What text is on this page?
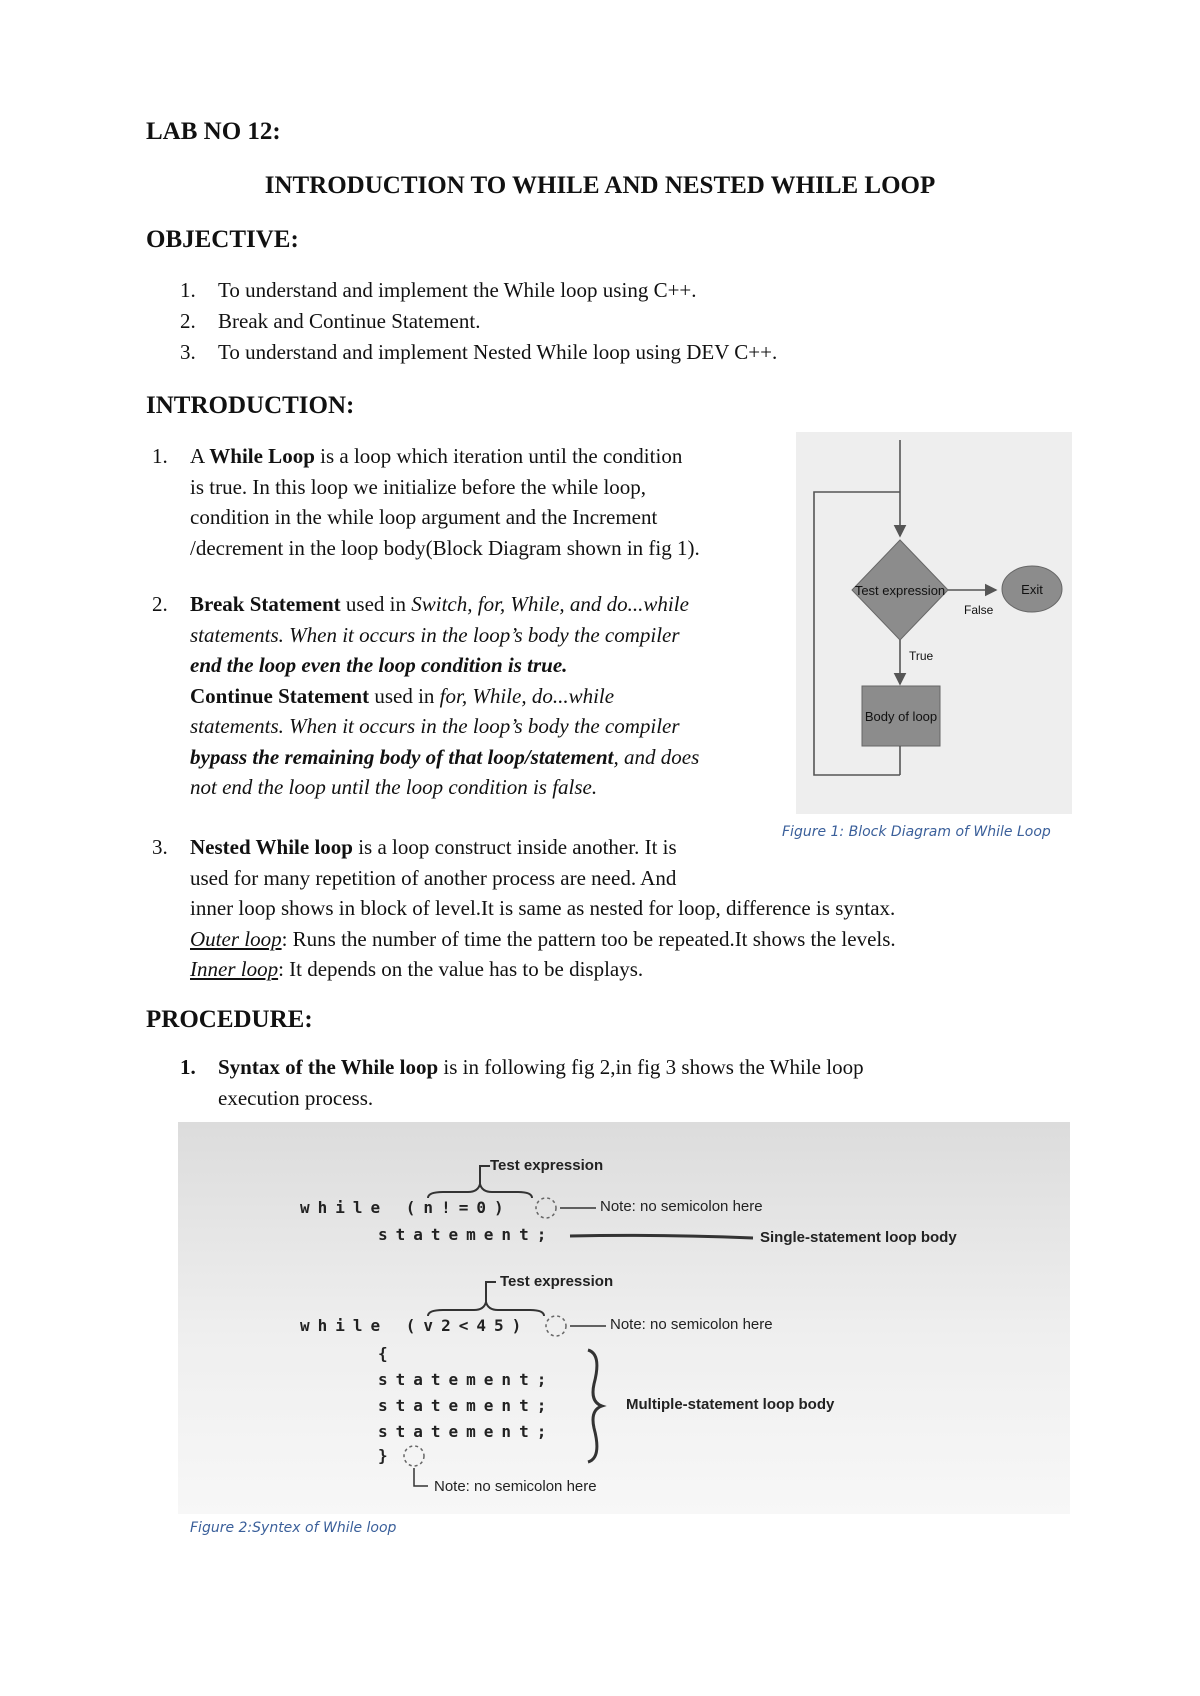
LAB NO 12:
INTRODUCTION TO WHILE AND NESTED WHILE LOOP
OBJECTIVE:
1.	To understand and implement the While loop using C++.
2.	Break and Continue Statement.
3.	To understand and implement Nested While loop using DEV C++.
INTRODUCTION:
1. A While Loop is a loop which iteration until the condition
is true. In this loop we initialize before the while loop,
condition in the while loop argument and the Increment
/decrement in the loop body(Block Diagram shown in fig 1).
2. Break Statement used in Switch, for, While, and do...while
statements. When it occurs in the loop’s body the compiler
end the loop even the loop condition is true.
Continue Statement used in for, While, do...while
statements. When it occurs in the loop’s body the compiler
bypass the remaining body of that loop/statement, and does
not end the loop until the loop condition is false.
3. Nested While loop is a loop construct inside another. It is
used for many repetition of another process are need. And
inner loop shows in block of level.It is same as nested for loop, difference is syntax.
Outer loop: Runs the number of time the pattern too be repeated.It shows the levels.
Inner loop: It depends on the value has to be displays.
Test expression
False
Exit
True
Body of loop
Figure 1: Block Diagram of While Loop
PROCEDURE:
1. Syntax of the While loop is in following fig 2,in fig 3 shows the While loop
execution process.
Test expression
while (n!=0)	Note: no semicolon here
statement;	Single-statement loop body
Test expression
while (v2<45)	Note: no semicolon here
{
statement;
statement;
statement;
Multiple-statement loop body
}
Note: no semicolon here
Figure 2:Syntex of While loop
